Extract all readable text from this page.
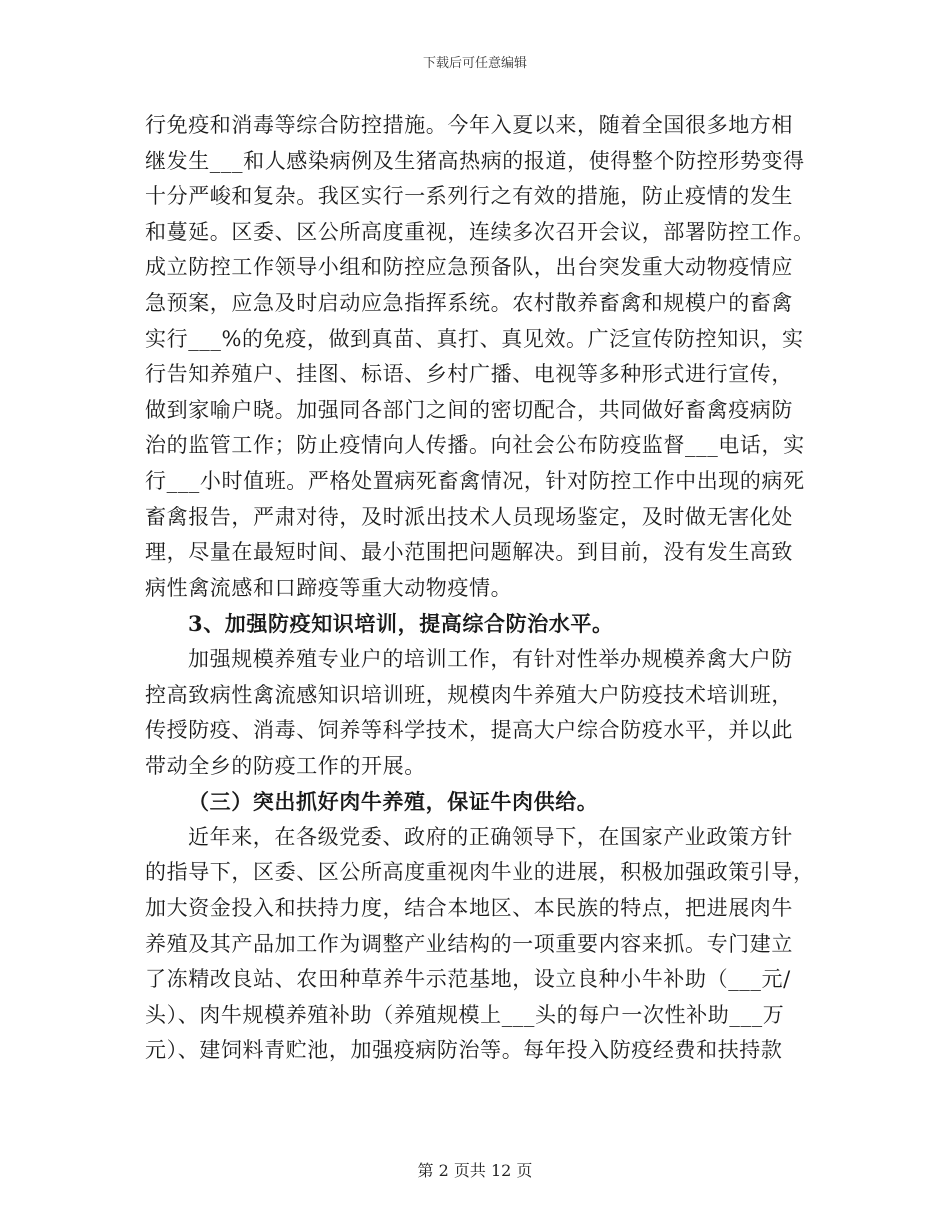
下载后可任意编辑
行免疫和消毒等综合防控措施。今年入夏以来，随着全国很多地方相
继发生___和人感染病例及生猪高热病的报道，使得整个防控形势变得
十分严峻和复杂。我区实行一系列行之有效的措施，防止疫情的发生
和蔓延。区委、区公所高度重视，连续多次召开会议，部署防控工作。
成立防控工作领导小组和防控应急预备队，出台突发重大动物疫情应
急预案，应急及时启动应急指挥系统。农村散养畜禽和规模户的畜禽
实行___%的免疫，做到真苗、真打、真见效。广泛宣传防控知识，实
行告知养殖户、挂图、标语、乡村广播、电视等多种形式进行宣传，
做到家喻户晓。加强同各部门之间的密切配合，共同做好畜禽疫病防
治的监管工作；防止疫情向人传播。向社会公布防疫监督___电话，实
行___小时值班。严格处置病死畜禽情况，针对防控工作中出现的病死
畜禽报告，严肃对待，及时派出技术人员现场鉴定，及时做无害化处
理，尽量在最短时间、最小范围把问题解决。到目前，没有发生高致
病性禽流感和口蹄疫等重大动物疫情。
3、加强防疫知识培训，提高综合防治水平。
加强规模养殖专业户的培训工作，有针对性举办规模养禽大户防
控高致病性禽流感知识培训班，规模肉牛养殖大户防疫技术培训班，
传授防疫、消毒、饲养等科学技术，提高大户综合防疫水平，并以此
带动全乡的防疫工作的开展。
（三）突出抓好肉牛养殖，保证牛肉供给。
近年来，在各级党委、政府的正确领导下，在国家产业政策方针
的指导下，区委、区公所高度重视肉牛业的进展，积极加强政策引导，
加大资金投入和扶持力度，结合本地区、本民族的特点，把进展肉牛
养殖及其产品加工作为调整产业结构的一项重要内容来抓。专门建立
了冻精改良站、农田种草养牛示范基地，设立良种小牛补助（___元/
头）、肉牛规模养殖补助（养殖规模上___头的每户一次性补助___万
元）、建饲料青贮池，加强疫病防治等。每年投入防疫经费和扶持款
第 2 页共 12 页
